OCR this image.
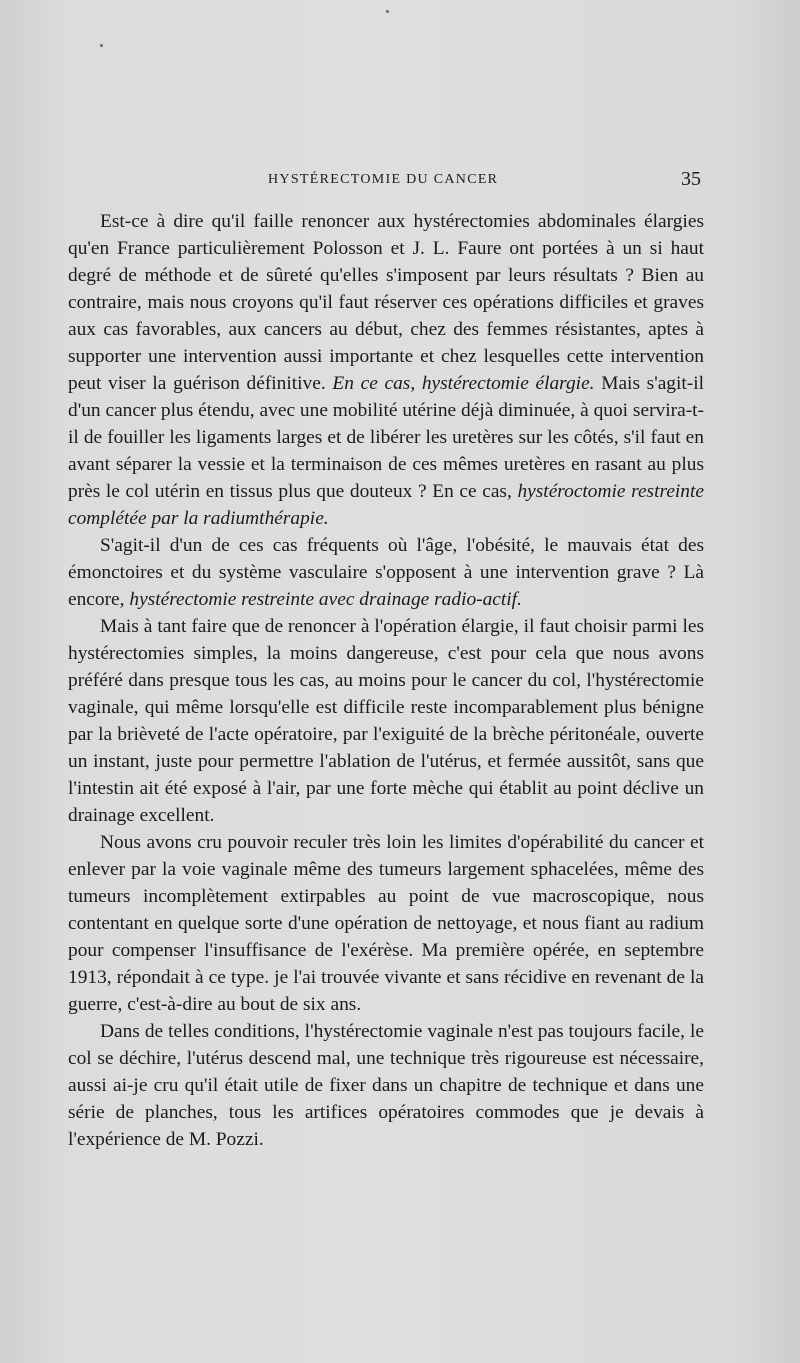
HYSTÉRECTOMIE DU CANCER	35

Est-ce à dire qu'il faille renoncer aux hystérectomies abdominales élargies qu'en France particulièrement Polosson et J. L. Faure ont portées à un si haut degré de méthode et de sûreté qu'elles s'imposent par leurs résultats ? Bien au contraire, mais nous croyons qu'il faut réserver ces opérations difficiles et graves aux cas favorables, aux cancers au début, chez des femmes résistantes, aptes à supporter une intervention aussi importante et chez lesquelles cette intervention peut viser la guérison définitive. En ce cas, hystérectomie élargie. Mais s'agit-il d'un cancer plus étendu, avec une mobilité utérine déjà diminuée, à quoi servira-t-il de fouiller les ligaments larges et de libérer les uretères sur les côtés, s'il faut en avant séparer la vessie et la terminaison de ces mêmes uretères en rasant au plus près le col utérin en tissus plus que douteux ? En ce cas, hystéroctomie restreinte complétée par la radiumthérapie.

S'agit-il d'un de ces cas fréquents où l'âge, l'obésité, le mauvais état des émonctoires et du système vasculaire s'opposent à une intervention grave ? Là encore, hystérectomie restreinte avec drainage radio-actif.

Mais à tant faire que de renoncer à l'opération élargie, il faut choisir parmi les hystérectomies simples, la moins dangereuse, c'est pour cela que nous avons préféré dans presque tous les cas, au moins pour le cancer du col, l'hystérectomie vaginale, qui même lorsqu'elle est difficile reste incomparablement plus bénigne par la brièveté de l'acte opératoire, par l'exiguité de la brèche péritonéale, ouverte un instant, juste pour permettre l'ablation de l'utérus, et fermée aussitôt, sans que l'intestin ait été exposé à l'air, par une forte mèche qui établit au point déclive un drainage excellent.

Nous avons cru pouvoir reculer très loin les limites d'opérabilité du cancer et enlever par la voie vaginale même des tumeurs largement sphacelées, même des tumeurs incomplètement extirpables au point de vue macroscopique, nous contentant en quelque sorte d'une opération de nettoyage, et nous fiant au radium pour compenser l'insuffisance de l'exérèse. Ma première opérée, en septembre 1913, répondait à ce type. je l'ai trouvée vivante et sans récidive en revenant de la guerre, c'est-à-dire au bout de six ans.

Dans de telles conditions, l'hystérectomie vaginale n'est pas toujours facile, le col se déchire, l'utérus descend mal, une technique très rigoureuse est nécessaire, aussi ai-je cru qu'il était utile de fixer dans un chapitre de technique et dans une série de planches, tous les artifices opératoires commodes que je devais à l'expérience de M. Pozzi.
